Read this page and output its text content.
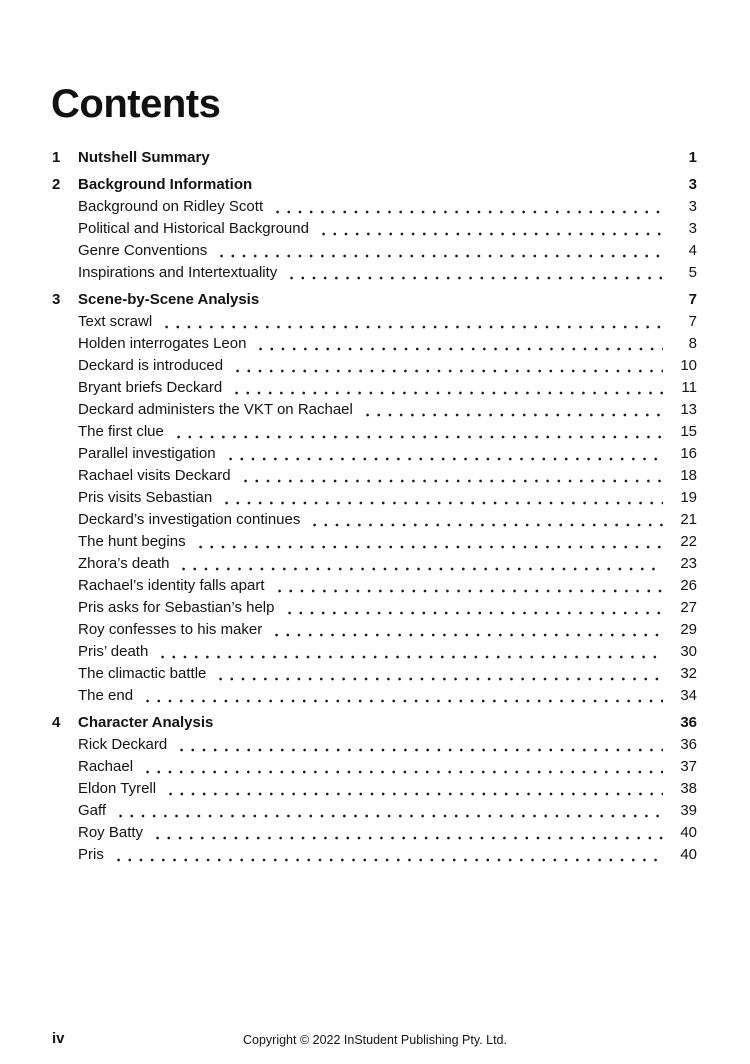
Contents
1	Nutshell Summary	1
2	Background Information	3
Background on Ridley Scott	3
Political and Historical Background	3
Genre Conventions	4
Inspirations and Intertextuality	5
3	Scene-by-Scene Analysis	7
Text scrawl	7
Holden interrogates Leon	8
Deckard is introduced	10
Bryant briefs Deckard	11
Deckard administers the VKT on Rachael	13
The first clue	15
Parallel investigation	16
Rachael visits Deckard	18
Pris visits Sebastian	19
Deckard’s investigation continues	21
The hunt begins	22
Zhora’s death	23
Rachael’s identity falls apart	26
Pris asks for Sebastian’s help	27
Roy confesses to his maker	29
Pris’ death	30
The climactic battle	32
The end	34
4	Character Analysis	36
Rick Deckard	36
Rachael	37
Eldon Tyrell	38
Gaff	39
Roy Batty	40
Pris	40
iv	Copyright © 2022 InStudent Publishing Pty. Ltd.
